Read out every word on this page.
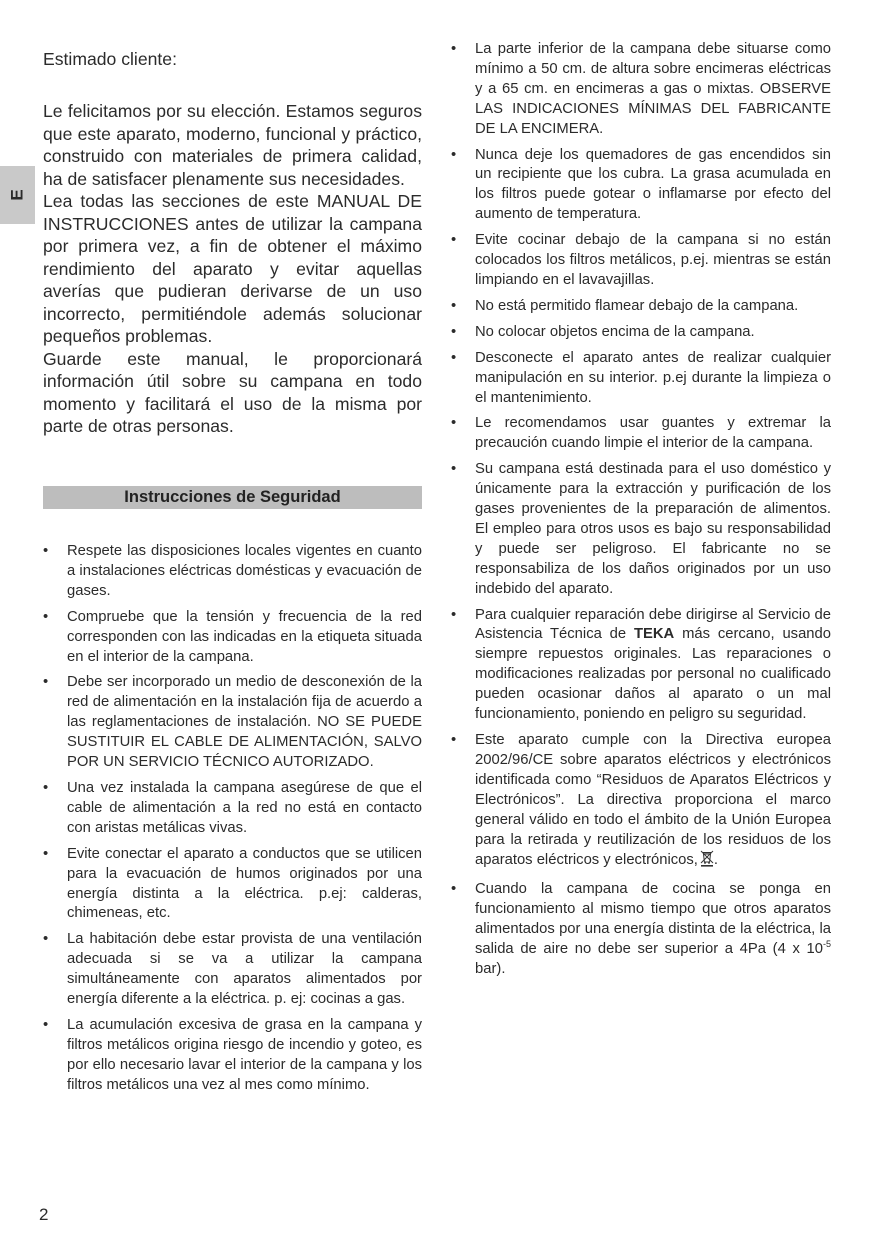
E

Estimado cliente:

Le felicitamos por su elección. Estamos seguros que este aparato, moderno, funcional y práctico, construido con materiales de primera calidad, ha de satisfacer plenamente sus necesidades.

Lea todas las secciones de este MANUAL DE INSTRUCCIONES antes de utilizar la campana por primera vez, a fin de obtener el máximo rendimiento del aparato y evitar aquellas averías que pudieran derivarse de un uso incorrecto, permitiéndole además solucionar pequeños problemas.

Guarde este manual, le proporcionará información útil sobre su campana en todo momento y facilitará el uso de la misma por parte de otras personas.

Instrucciones de Seguridad
• Respete las disposiciones locales vigentes en cuanto a instalaciones eléctricas domésticas y evacuación de gases.
• Compruebe que la tensión y frecuencia de la red corresponden con las indicadas en la etiqueta situada en el interior de la campana.
• Debe ser incorporado un medio de desconexión de la red de alimentación en la instalación fija de acuerdo a las reglamentaciones de instalación. NO SE PUEDE SUSTITUIR EL CABLE DE ALIMENTACIÓN, SALVO POR UN SERVICIO TÉCNICO AUTORIZADO.
• Una vez instalada la campana asegúrese de que el cable de alimentación a la red no está en contacto con aristas metálicas vivas.
• Evite conectar el aparato a conductos que se utilicen para la evacuación de humos originados por una energía distinta a la eléctrica. p.ej: calderas, chimeneas, etc.
• La habitación debe estar provista de una ventilación adecuada si se va a utilizar la campana simultáneamente con aparatos alimentados por energía diferente a la eléctrica. p. ej: cocinas a gas.
• La acumulación excesiva de grasa en la campana y filtros metálicos origina riesgo de incendio y goteo, es por ello necesario lavar el interior de la campana y los filtros metálicos una vez al mes como mínimo.
• La parte inferior de la campana debe situarse como mínimo a 50 cm. de altura sobre encimeras eléctricas y a 65 cm. en encimeras a gas o mixtas. OBSERVE LAS INDICACIONES MÍNIMAS DEL FABRICANTE DE LA ENCIMERA.
• Nunca deje los quemadores de gas encendidos sin un recipiente que los cubra. La grasa acumulada en los filtros puede gotear o inflamarse por efecto del aumento de temperatura.
• Evite cocinar debajo de la campana si no están colocados los filtros metálicos, p.ej. mientras se están limpiando en el lavavajillas.
• No está permitido flamear debajo de la campana.
• No colocar objetos encima de la campana.
• Desconecte el aparato antes de realizar cualquier manipulación en su interior. p.ej durante la limpieza o el mantenimiento.
• Le recomendamos usar guantes y extremar la precaución cuando limpie el interior de la campana.
• Su campana está destinada para el uso doméstico y únicamente para la extracción y purificación de los gases provenientes de la preparación de alimentos. El empleo para otros usos es bajo su responsabilidad y puede ser peligroso. El fabricante no se responsabiliza de los daños originados por un uso indebido del aparato.
• Para cualquier reparación debe dirigirse al Servicio de Asistencia Técnica de TEKA más cercano, usando siempre repuestos originales. Las reparaciones o modificaciones realizadas por personal no cualificado pueden ocasionar daños al aparato o un mal funcionamiento, poniendo en peligro su seguridad.
• Este aparato cumple con la Directiva europea 2002/96/CE sobre aparatos eléctricos y electrónicos identificada como “Residuos de Aparatos Eléctricos y Electrónicos”. La directiva proporciona el marco general válido en todo el ámbito de la Unión Europea para la retirada y reutilización de los residuos de los aparatos eléctricos y electrónicos, .
• Cuando la campana de cocina se ponga en funcionamiento al mismo tiempo que otros aparatos alimentados por una energía distinta de la eléctrica, la salida de aire no debe ser superior a 4Pa (4 x $10^{-5}$ bar).
2
